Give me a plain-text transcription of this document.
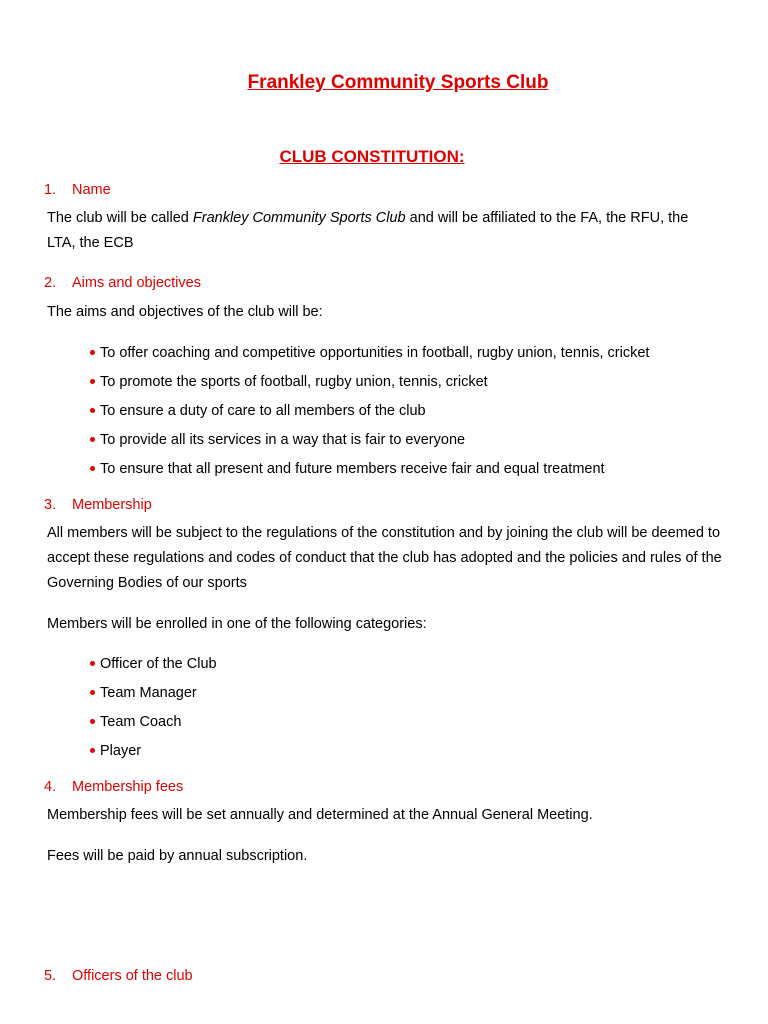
Frankley Community Sports Club
CLUB CONSTITUTION:
1. Name
The club will be called Frankley Community Sports Club and will be affiliated to the FA, the RFU, the LTA, the ECB
2. Aims and objectives
The aims and objectives of the club will be:
To offer coaching and competitive opportunities in football, rugby union, tennis, cricket
To promote the sports of football, rugby union, tennis, cricket
To ensure a duty of care to all members of the club
To provide all its services in a way that is fair to everyone
To ensure that all present and future members receive fair and equal treatment
3. Membership
All members will be subject to the regulations of the constitution and by joining the club will be deemed to accept these regulations and codes of conduct that the club has adopted and the policies and rules of the Governing Bodies of our sports
Members will be enrolled in one of the following categories:
Officer of the Club
Team Manager
Team Coach
Player
4. Membership fees
Membership fees will be set annually and determined at the Annual General Meeting.
Fees will be paid by annual subscription.
5. Officers of the club
